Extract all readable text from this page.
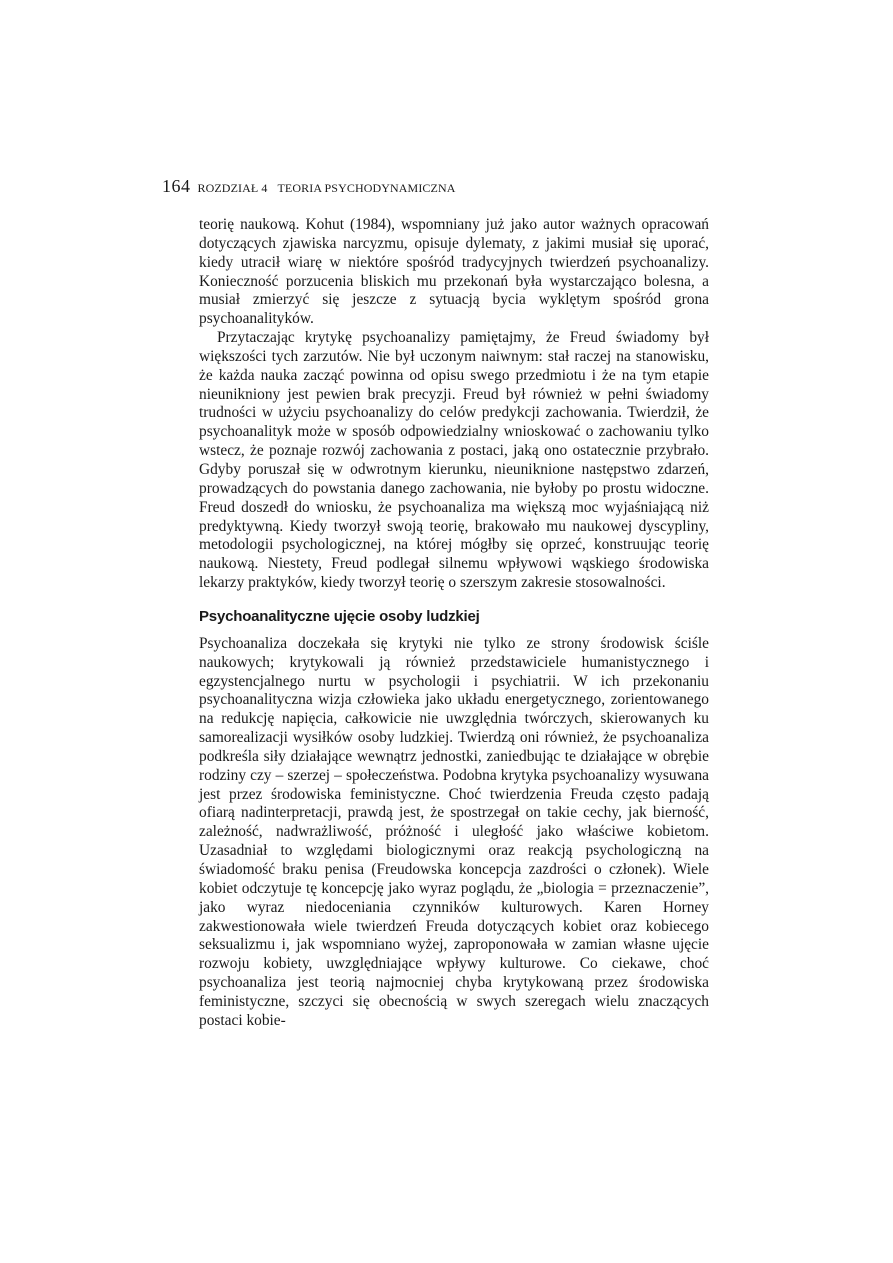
164 ROZDZIAŁ 4 TEORIA PSYCHODYNAMICZNA

teorię naukową. Kohut (1984), wspomniany już jako autor ważnych opracowań dotyczących zjawiska narcyzmu, opisuje dylematy, z jakimi musiał się uporać, kiedy utracił wiarę w niektóre spośród tradycyjnych twierdzeń psychoanalizy. Konieczność porzucenia bliskich mu przekonań była wystarczająco bolesna, a musiał zmierzyć się jeszcze z sytuacją bycia wyklętym spośród grona psychoanalityków.

Przytaczając krytykę psychoanalizy pamiętajmy, że Freud świadomy był większości tych zarzutów. Nie był uczonym naiwnym: stał raczej na stanowisku, że każda nauka zacząć powinna od opisu swego przedmiotu i że na tym etapie nieunikniony jest pewien brak precyzji. Freud był również w pełni świadomy trudności w użyciu psychoanalizy do celów predykcji zachowania. Twierdził, że psychoanalityk może w sposób odpowiedzialny wnioskować o zachowaniu tylko wstecz, że poznaje rozwój zachowania z postaci, jaką ono ostatecznie przybrało. Gdyby poruszał się w odwrotnym kierunku, nieuniknione następstwo zdarzeń, prowadzących do powstania danego zachowania, nie byłoby po prostu widoczne. Freud doszedł do wniosku, że psychoanaliza ma większą moc wyjaśniającą niż predyktywną. Kiedy tworzył swoją teorię, brakowało mu naukowej dyscypliny, metodologii psychologicznej, na której mógłby się oprzeć, konstruując teorię naukową. Niestety, Freud podlegał silnemu wpływowi wąskiego środowiska lekarzy praktyków, kiedy tworzył teorię o szerszym zakresie stosowalności.

Psychoanalityczne ujęcie osoby ludzkiej

Psychoanaliza doczekała się krytyki nie tylko ze strony środowisk ściśle naukowych; krytykowali ją również przedstawiciele humanistycznego i egzystencjalnego nurtu w psychologii i psychiatrii. W ich przekonaniu psychoanalityczna wizja człowieka jako układu energetycznego, zorientowanego na redukcję napięcia, całkowicie nie uwzględnia twórczych, skierowanych ku samorealizacji wysiłków osoby ludzkiej. Twierdzą oni również, że psychoanaliza podkreśla siły działające wewnątrz jednostki, zaniedbując te działające w obrębie rodziny czy – szerzej – społeczeństwa. Podobna krytyka psychoanalizy wysuwana jest przez środowiska feministyczne. Choć twierdzenia Freuda często padają ofiarą nadinterpretacji, prawdą jest, że spostrzegał on takie cechy, jak bierność, zależność, nadwrażliwość, próżność i uległość jako właściwe kobietom. Uzasadniał to względami biologicznymi oraz reakcją psychologiczną na świadomość braku penisa (Freudowska koncepcja zazdrości o członek). Wiele kobiet odczytuje tę koncepcję jako wyraz poglądu, że „biologia = przeznaczenie”, jako wyraz niedoceniania czynników kulturowych. Karen Horney zakwestionowała wiele twierdzeń Freuda dotyczących kobiet oraz kobiecego seksualizmu i, jak wspomniano wyżej, zaproponowała w zamian własne ujęcie rozwoju kobiety, uwzględniające wpływy kulturowe. Co ciekawe, choć psychoanaliza jest teorią najmocniej chyba krytykowaną przez środowiska feministyczne, szczyci się obecnością w swych szeregach wielu znaczących postaci kobie-
